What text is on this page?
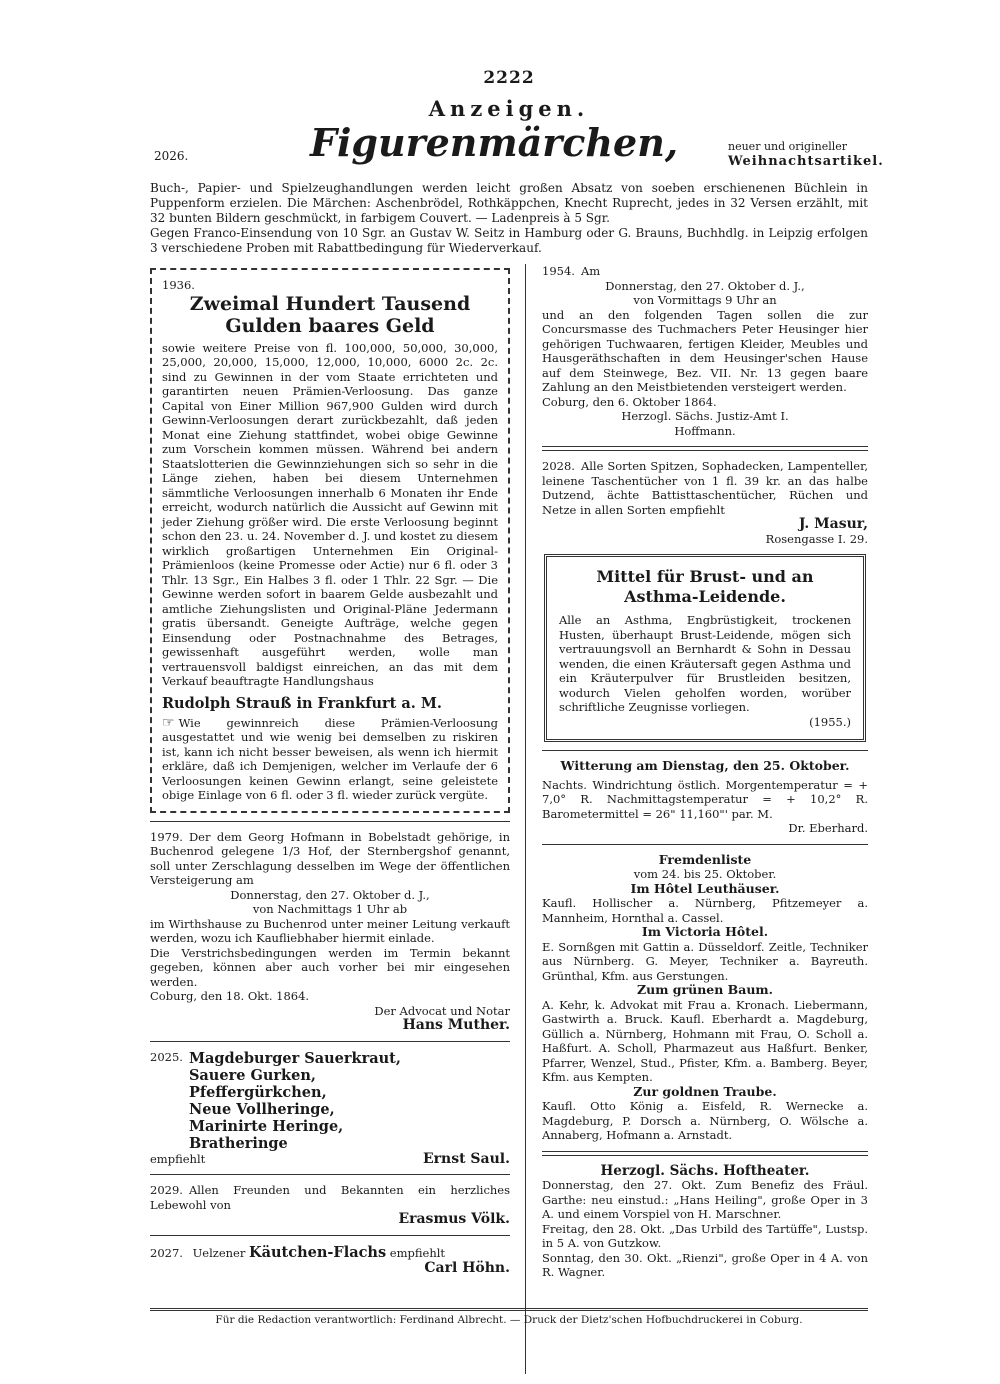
2222
Anzeigen.
2026.	Figurenmärchen,	neuer und origineller
Weihnachtsartikel.
Buch-, Papier- und Spielzeughandlungen werden leicht großen Absatz von soeben erschienenen Büchlein in Puppenform erzielen. Die Märchen: Aschenbrödel, Rothkäppchen, Knecht Ruprecht, jedes in 32 Versen erzählt, mit 32 bunten Bildern geschmückt, in farbigem Couvert. — Ladenpreis à 5 Sgr.
Gegen Franco-Einsendung von 10 Sgr. an Gustav W. Seitz in Hamburg oder G. Brauns, Buchhdlg. in Leipzig erfolgen 3 verschiedene Proben mit Rabattbedingung für Wiederverkauf.
1936.
Zweimal Hundert Tausend Gulden baares Geld
sowie weitere Preise von fl. 100,000, 50,000, 30,000, 25,000, 20,000, 15,000, 12,000, 10,000, 6000 2c. 2c. sind zu Gewinnen in der vom Staate errichteten und garantirten neuen Prämien-Verloosung. Das ganze Capital von Einer Million 967,900 Gulden wird durch Gewinn-Verloosungen derart zurückbezahlt, daß jeden Monat eine Ziehung stattfindet, wobei obige Gewinne zum Vorschein kommen müssen. Während bei andern Staatslotterien die Gewinnziehungen sich so sehr in die Länge ziehen, haben bei diesem Unternehmen sämmtliche Verloosungen innerhalb 6 Monaten ihr Ende erreicht, wodurch natürlich die Aussicht auf Gewinn mit jeder Ziehung größer wird. Die erste Verloosung beginnt schon den 23. u. 24. November d. J. und kostet zu diesem wirklich großartigen Unternehmen Ein Original-Prämienloos (keine Promesse oder Actie) nur 6 fl. oder 3 Thlr. 13 Sgr., Ein Halbes 3 fl. oder 1 Thlr. 22 Sgr. — Die Gewinne werden sofort in baarem Gelde ausbezahlt und amtliche Ziehungslisten und Original-Pläne Jedermann gratis übersandt. Geneigte Aufträge, welche gegen Einsendung oder Postnachnahme des Betrages, gewissenhaft ausgeführt werden, wolle man vertrauensvoll baldigst einreichen, an das mit dem Verkauf beauftragte Handlungshaus
Rudolph Strauß in Frankfurt a. M.
☞ Wie gewinnreich diese Prämien-Verloosung ausgestattet und wie wenig bei demselben zu riskiren ist, kann ich nicht besser beweisen, als wenn ich hiermit erkläre, daß ich Demjenigen, welcher im Verlaufe der 6 Verloosungen keinen Gewinn erlangt, seine geleistete obige Einlage von 6 fl. oder 3 fl. wieder zurück vergüte.
1979. Der dem Georg Hofmann in Bobelstadt gehörige, in Buchenrod gelegene 1/3 Hof, der Sternbergshof genannt, soll unter Zerschlagung desselben im Wege der öffentlichen Versteigerung am
Donnerstag, den 27. Oktober d. J.,
von Nachmittags 1 Uhr ab
im Wirthshause zu Buchenrod unter meiner Leitung verkauft werden, wozu ich Kaufliebhaber hiermit einlade.
Die Verstrichsbedingungen werden im Termin bekannt gegeben, können aber auch vorher bei mir eingesehen werden.
Coburg, den 18. Okt. 1864.
Der Advocat und Notar
Hans Muther.
2025. Magdeburger Sauerkraut,
Sauere Gurken,
Pfeffergürkchen,
Neue Vollheringe,
Marinirte Heringe,
Bratheringe
empfiehlt	Ernst Saul.
2029. Allen Freunden und Bekannten ein herzliches Lebewohl von
Erasmus Völk.
2027. Uelzener Käutchen-Flachs empfiehlt
Carl Höhn.
1954. Am
Donnerstag, den 27. Oktober d. J.,
von Vormittags 9 Uhr an
und an den folgenden Tagen sollen die zur Concursmasse des Tuchmachers Peter Heusinger hier gehörigen Tuchwaaren, fertigen Kleider, Meubles und Hausgeräthschaften in dem Heusinger'schen Hause auf dem Steinwege, Bez. VII. Nr. 13 gegen baare Zahlung an den Meistbietenden versteigert werden.
Coburg, den 6. Oktober 1864.
Herzogl. Sächs. Justiz-Amt I.
Hoffmann.
2028. Alle Sorten Spitzen, Sophadecken, Lampenteller, leinene Taschentücher von 1 fl. 39 kr. an das halbe Dutzend, ächte Battisttaschentücher, Rüchen und Netze in allen Sorten empfiehlt
J. Masur,
Rosengasse I. 29.
Mittel für Brust- und an Asthma-Leidende.
Alle an Asthma, Engbrüstigkeit, trockenen Husten, überhaupt Brust-Leidende, mögen sich vertrauungsvoll an Bernhardt & Sohn in Dessau wenden, die einen Kräutersaft gegen Asthma und ein Kräuterpulver für Brustleiden besitzen, wodurch Vielen geholfen worden, worüber schriftliche Zeugnisse vorliegen.
(1955.)
Witterung am Dienstag, den 25. Oktober.
Nachts. Windrichtung östlich. Morgentemperatur = + 7,0° R. Nachmittagstemperatur = + 10,2° R. Barometermittel = 26" 11,160"' par. M.
Dr. Eberhard.
Fremdenliste
vom 24. bis 25. Oktober.
Im Hôtel Leuthäuser.
Kaufl. Hollischer a. Nürnberg, Pfitzemeyer a. Mannheim, Hornthal a. Cassel.
Im Victoria Hôtel.
E. Sornßgen mit Gattin a. Düsseldorf. Zeitle, Techniker aus Nürnberg. G. Meyer, Techniker a. Bayreuth. Grünthal, Kfm. aus Gerstungen.
Zum grünen Baum.
A. Kehr, k. Advokat mit Frau a. Kronach. Liebermann, Gastwirth a. Bruck. Kaufl. Eberhardt a. Magdeburg, Güllich a. Nürnberg, Hohmann mit Frau, O. Scholl a. Haßfurt. A. Scholl, Pharmazeut aus Haßfurt. Benker, Pfarrer, Wenzel, Stud., Pfister, Kfm. a. Bamberg. Beyer, Kfm. aus Kempten.
Zur goldnen Traube.
Kaufl. Otto König a. Eisfeld, R. Wernecke a. Magdeburg, P. Dorsch a. Nürnberg, O. Wölsche a. Annaberg, Hofmann a. Arnstadt.
Herzogl. Sächs. Hoftheater.
Donnerstag, den 27. Okt. Zum Benefiz des Fräul. Garthe: neu einstud.: „Hans Heiling", große Oper in 3 A. und einem Vorspiel von H. Marschner.
Freitag, den 28. Okt. „Das Urbild des Tartüffe", Lustsp. in 5 A. von Gutzkow.
Sonntag, den 30. Okt. „Rienzi", große Oper in 4 A. von R. Wagner.
Für die Redaction verantwortlich: Ferdinand Albrecht. — Druck der Dietz'schen Hofbuchdruckerei in Coburg.
